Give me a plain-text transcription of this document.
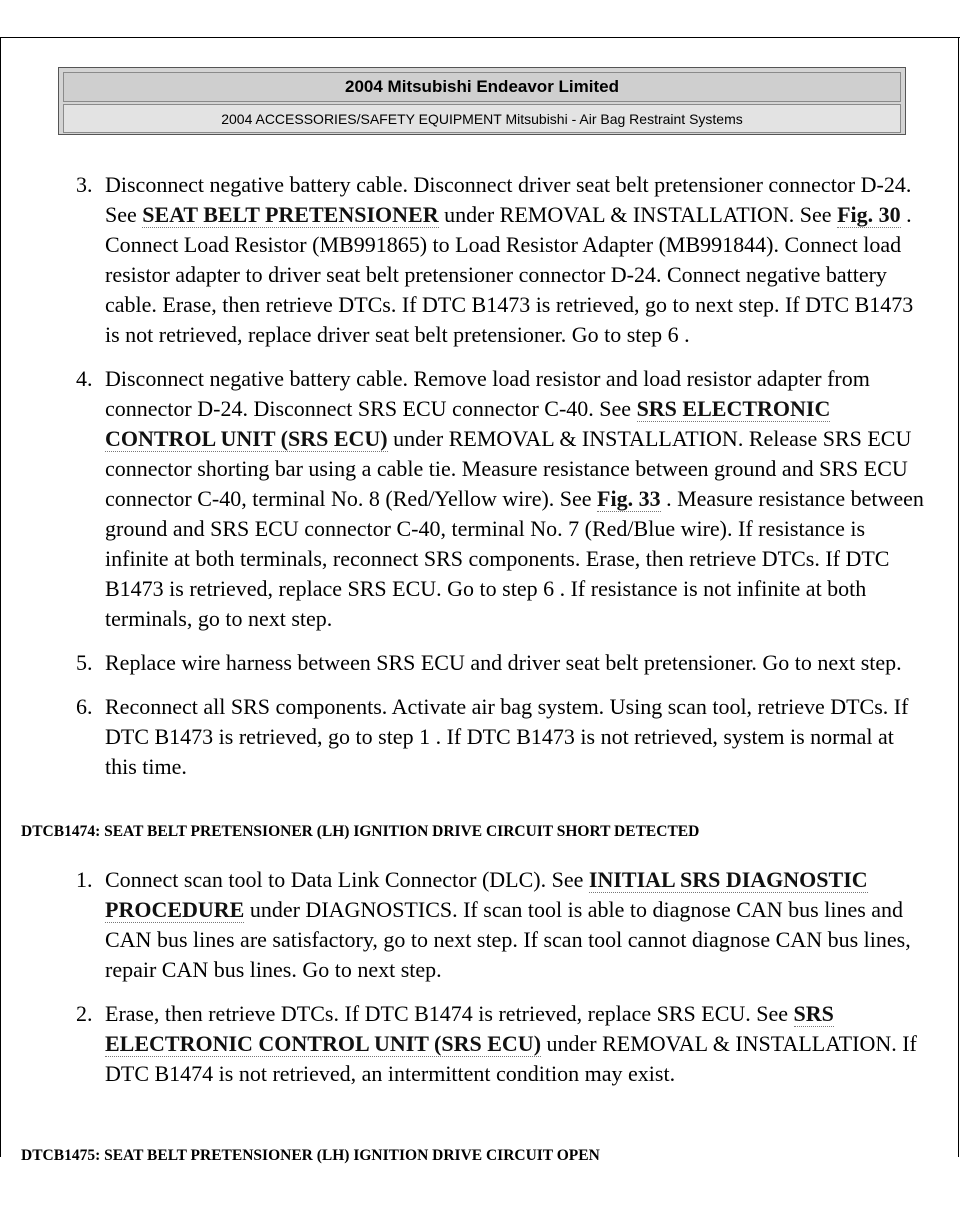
2004 Mitsubishi Endeavor Limited
2004 ACCESSORIES/SAFETY EQUIPMENT Mitsubishi - Air Bag Restraint Systems
3. Disconnect negative battery cable. Disconnect driver seat belt pretensioner connector D-24. See SEAT BELT PRETENSIONER under REMOVAL & INSTALLATION. See Fig. 30 . Connect Load Resistor (MB991865) to Load Resistor Adapter (MB991844). Connect load resistor adapter to driver seat belt pretensioner connector D-24. Connect negative battery cable. Erase, then retrieve DTCs. If DTC B1473 is retrieved, go to next step. If DTC B1473 is not retrieved, replace driver seat belt pretensioner. Go to step 6 .
4. Disconnect negative battery cable. Remove load resistor and load resistor adapter from connector D-24. Disconnect SRS ECU connector C-40. See SRS ELECTRONIC CONTROL UNIT (SRS ECU) under REMOVAL & INSTALLATION. Release SRS ECU connector shorting bar using a cable tie. Measure resistance between ground and SRS ECU connector C-40, terminal No. 8 (Red/Yellow wire). See Fig. 33 . Measure resistance between ground and SRS ECU connector C-40, terminal No. 7 (Red/Blue wire). If resistance is infinite at both terminals, reconnect SRS components. Erase, then retrieve DTCs. If DTC B1473 is retrieved, replace SRS ECU. Go to step 6 . If resistance is not infinite at both terminals, go to next step.
5. Replace wire harness between SRS ECU and driver seat belt pretensioner. Go to next step.
6. Reconnect all SRS components. Activate air bag system. Using scan tool, retrieve DTCs. If DTC B1473 is retrieved, go to step 1 . If DTC B1473 is not retrieved, system is normal at this time.

DTCB1474: SEAT BELT PRETENSIONER (LH) IGNITION DRIVE CIRCUIT SHORT DETECTED

1. Connect scan tool to Data Link Connector (DLC). See INITIAL SRS DIAGNOSTIC PROCEDURE under DIAGNOSTICS. If scan tool is able to diagnose CAN bus lines and CAN bus lines are satisfactory, go to next step. If scan tool cannot diagnose CAN bus lines, repair CAN bus lines. Go to next step.
2. Erase, then retrieve DTCs. If DTC B1474 is retrieved, replace SRS ECU. See SRS ELECTRONIC CONTROL UNIT (SRS ECU) under REMOVAL & INSTALLATION. If DTC B1474 is not retrieved, an intermittent condition may exist.

DTCB1475: SEAT BELT PRETENSIONER (LH) IGNITION DRIVE CIRCUIT OPEN
